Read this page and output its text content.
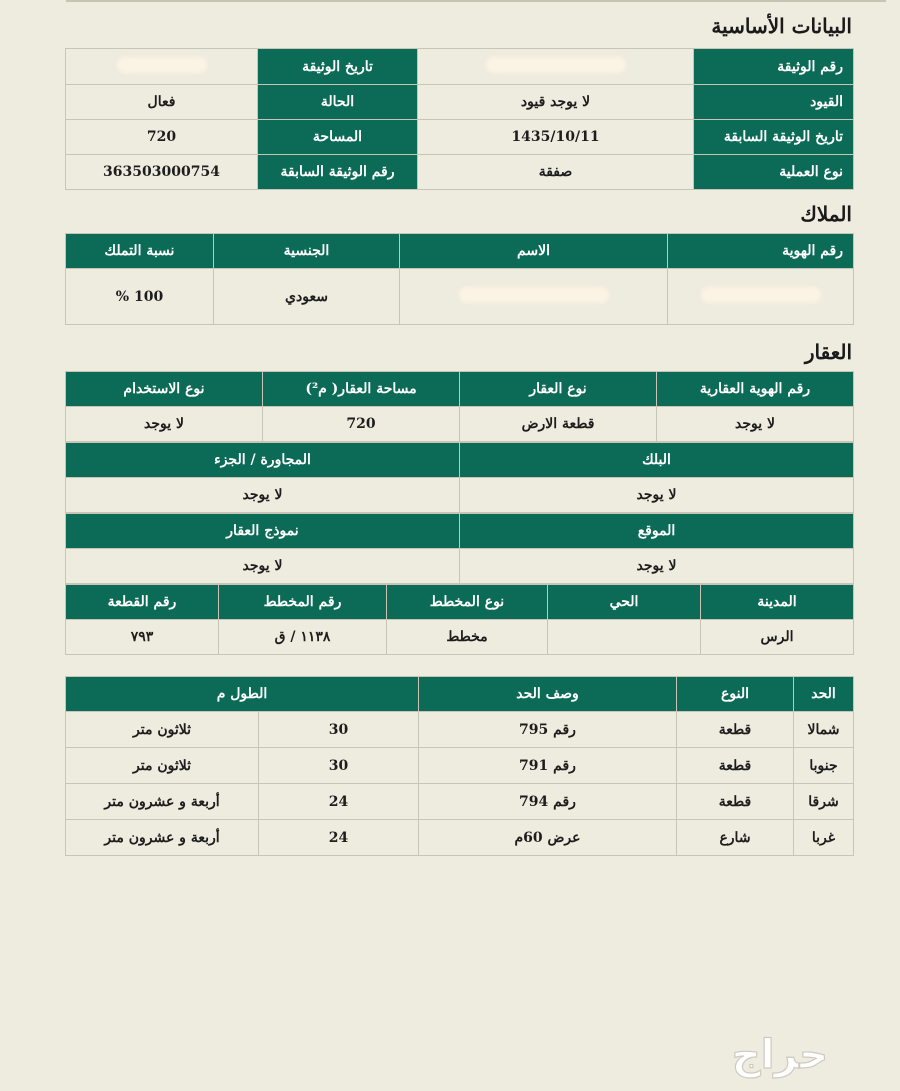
البيانات الأساسية
رقم الوثيقة		تاريخ الوثيقة	
القيود	لا يوجد قيود	الحالة	فعال
تاريخ الوثيقة السابقة	1435/10/11	المساحة	720
نوع العملية	صفقة	رقم الوثيقة السابقة	363503000754
الملاك
رقم الهوية	الاسم	الجنسية	نسبة التملك
		سعودي	100 %
العقار
رقم الهوية العقارية	نوع العقار	مساحة العقار( م²)	نوع الاستخدام
لا يوجد	قطعة الارض	720	لا يوجد
البلك	المجاورة / الجزء
لا يوجد	لا يوجد
الموقع	نموذج العقار
لا يوجد	لا يوجد
المدينة	الحي	نوع المخطط	رقم المخطط	رقم القطعة
الرس		مخطط	١١٣٨ / ق	٧٩٣
الحد	النوع	وصف الحد	الطول م	
شمالا	قطعة	رقم 795	30	ثلاثون متر
جنوبا	قطعة	رقم 791	30	ثلاثون متر
شرقا	قطعة	رقم 794	24	أربعة و عشرون متر
غربا	شارع	عرض 60م	24	أربعة و عشرون متر
حراج
